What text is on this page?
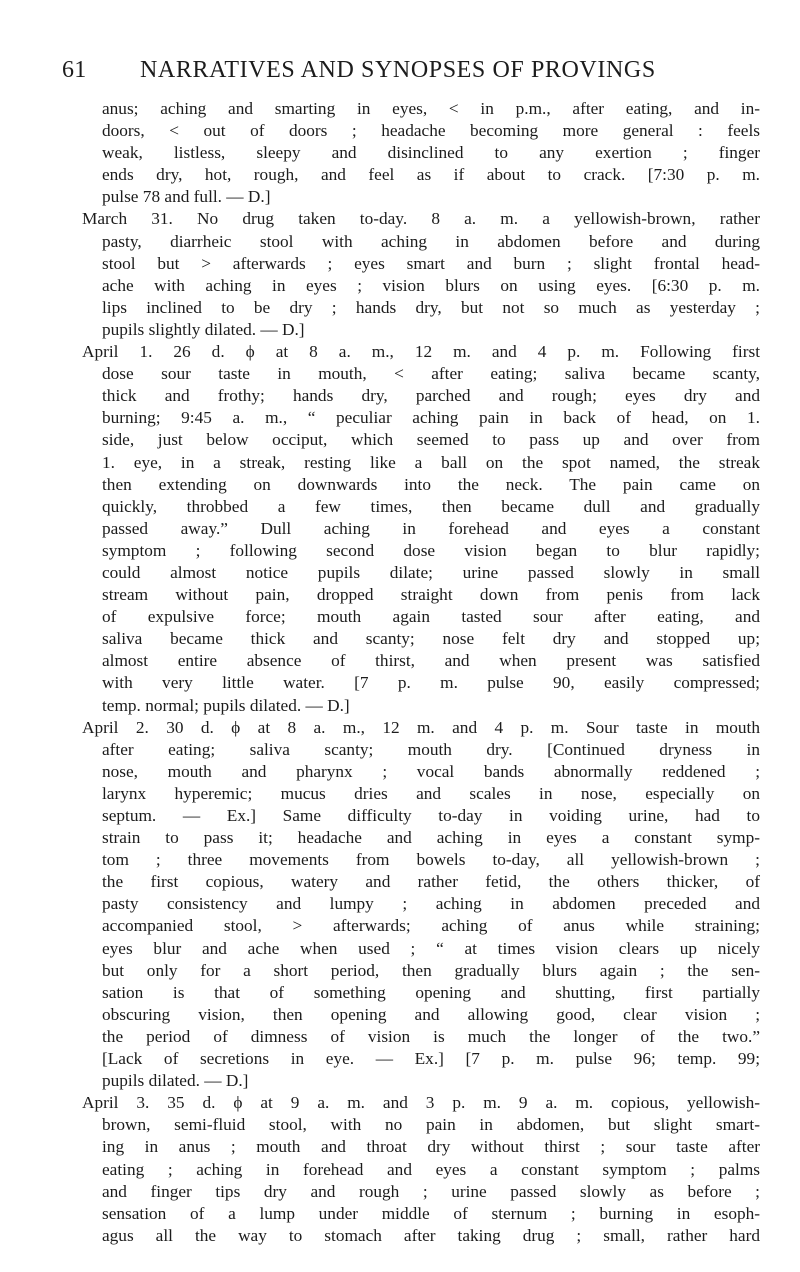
61 NARRATIVES AND SYNOPSES OF PROVINGS
anus; aching and smarting in eyes, < in p.m., after eating, and in-
doors, < out of doors ; headache becoming more general : feels
weak, listless, sleepy and disinclined to any exertion ; finger
ends dry, hot, rough, and feel as if about to crack. [7:30 p. m.
pulse 78 and full. — D.]
March 31. No drug taken to-day. 8 a. m. a yellowish-brown, rather
pasty, diarrheic stool with aching in abdomen before and during
stool but > afterwards ; eyes smart and burn ; slight frontal head-
ache with aching in eyes ; vision blurs on using eyes. [6:30 p. m.
lips inclined to be dry ; hands dry, but not so much as yesterday ;
pupils slightly dilated. — D.]
April 1. 26 d. ϕ at 8 a. m., 12 m. and 4 p. m. Following first
dose sour taste in mouth, < after eating; saliva became scanty,
thick and frothy; hands dry, parched and rough; eyes dry and
burning; 9:45 a. m., “ peculiar aching pain in back of head, on 1.
side, just below occiput, which seemed to pass up and over from
1. eye, in a streak, resting like a ball on the spot named, the streak
then extending on downwards into the neck. The pain came on
quickly, throbbed a few times, then became dull and gradually
passed away.” Dull aching in forehead and eyes a constant
symptom ; following second dose vision began to blur rapidly;
could almost notice pupils dilate; urine passed slowly in small
stream without pain, dropped straight down from penis from lack
of expulsive force; mouth again tasted sour after eating, and
saliva became thick and scanty; nose felt dry and stopped up;
almost entire absence of thirst, and when present was satisfied
with very little water. [7 p. m. pulse 90, easily compressed;
temp. normal; pupils dilated. — D.]
April 2. 30 d. ϕ at 8 a. m., 12 m. and 4 p. m. Sour taste in mouth
after eating; saliva scanty; mouth dry. [Continued dryness in
nose, mouth and pharynx ; vocal bands abnormally reddened ;
larynx hyperemic; mucus dries and scales in nose, especially on
septum. — Ex.] Same difficulty to-day in voiding urine, had to
strain to pass it; headache and aching in eyes a constant symp-
tom ; three movements from bowels to-day, all yellowish-brown ;
the first copious, watery and rather fetid, the others thicker, of
pasty consistency and lumpy ; aching in abdomen preceded and
accompanied stool, > afterwards; aching of anus while straining;
eyes blur and ache when used ; “ at times vision clears up nicely
but only for a short period, then gradually blurs again ; the sen-
sation is that of something opening and shutting, first partially
obscuring vision, then opening and allowing good, clear vision ;
the period of dimness of vision is much the longer of the two.”
[Lack of secretions in eye. — Ex.] [7 p. m. pulse 96; temp. 99;
pupils dilated. — D.]
April 3. 35 d. ϕ at 9 a. m. and 3 p. m. 9 a. m. copious, yellowish-
brown, semi-fluid stool, with no pain in abdomen, but slight smart-
ing in anus ; mouth and throat dry without thirst ; sour taste after
eating ; aching in forehead and eyes a constant symptom ; palms
and finger tips dry and rough ; urine passed slowly as before ;
sensation of a lump under middle of sternum ; burning in esoph-
agus all the way to stomach after taking drug ; small, rather hard
